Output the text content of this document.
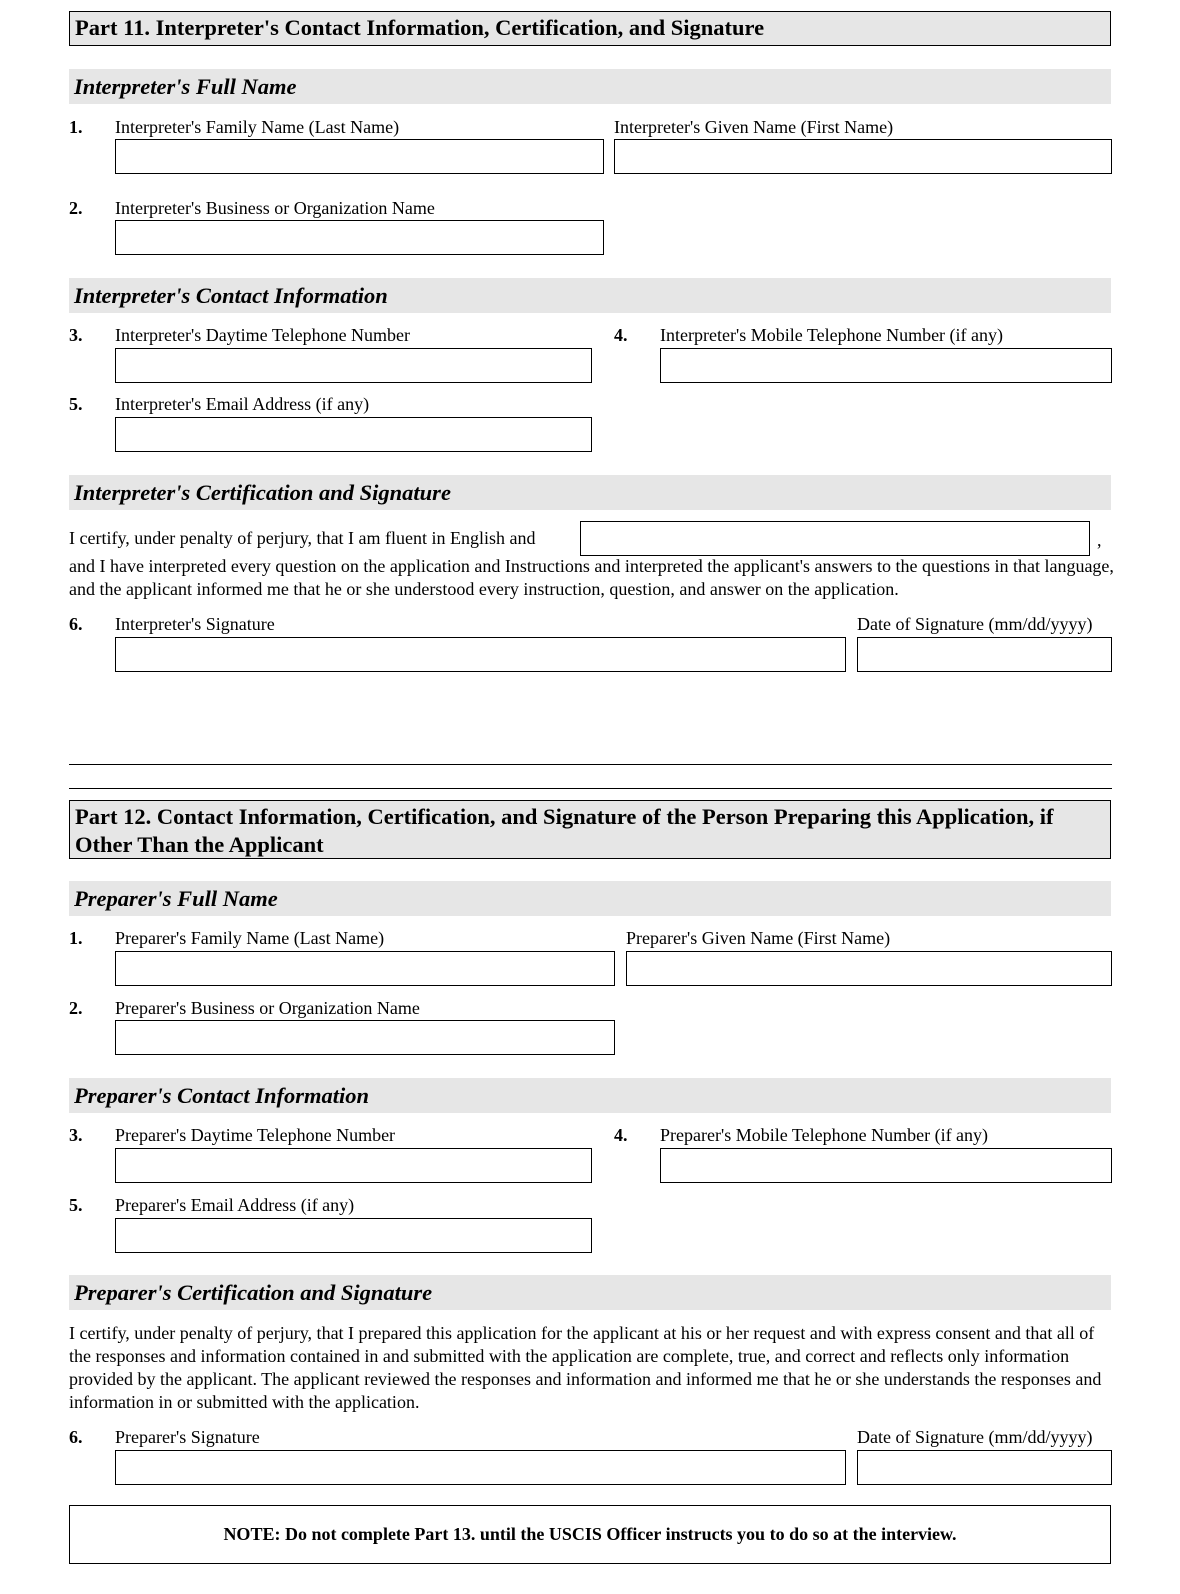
Part 11. Interpreter's Contact Information, Certification, and Signature
Interpreter's Full Name
1. Interpreter's Family Name (Last Name)	Interpreter's Given Name (First Name)
2. Interpreter's Business or Organization Name
Interpreter's Contact Information
3. Interpreter's Daytime Telephone Number	4. Interpreter's Mobile Telephone Number (if any)
5. Interpreter's Email Address (if any)
Interpreter's Certification and Signature
I certify, under penalty of perjury, that I am fluent in English and	,
and I have interpreted every question on the application and Instructions and interpreted the applicant's answers to the questions in that language, and the applicant informed me that he or she understood every instruction, question, and answer on the application.
6. Interpreter's Signature	Date of Signature (mm/dd/yyyy)
Part 12. Contact Information, Certification, and Signature of the Person Preparing this Application, if Other Than the Applicant
Preparer's Full Name
1. Preparer's Family Name (Last Name)	Preparer's Given Name (First Name)
2. Preparer's Business or Organization Name
Preparer's Contact Information
3. Preparer's Daytime Telephone Number	4. Preparer's Mobile Telephone Number (if any)
5. Preparer's Email Address (if any)
Preparer's Certification and Signature
I certify, under penalty of perjury, that I prepared this application for the applicant at his or her request and with express consent and that all of the responses and information contained in and submitted with the application are complete, true, and correct and reflects only information provided by the applicant. The applicant reviewed the responses and information and informed me that he or she understands the responses and information in or submitted with the application.
6. Preparer's Signature	Date of Signature (mm/dd/yyyy)
NOTE: Do not complete Part 13. until the USCIS Officer instructs you to do so at the interview.
